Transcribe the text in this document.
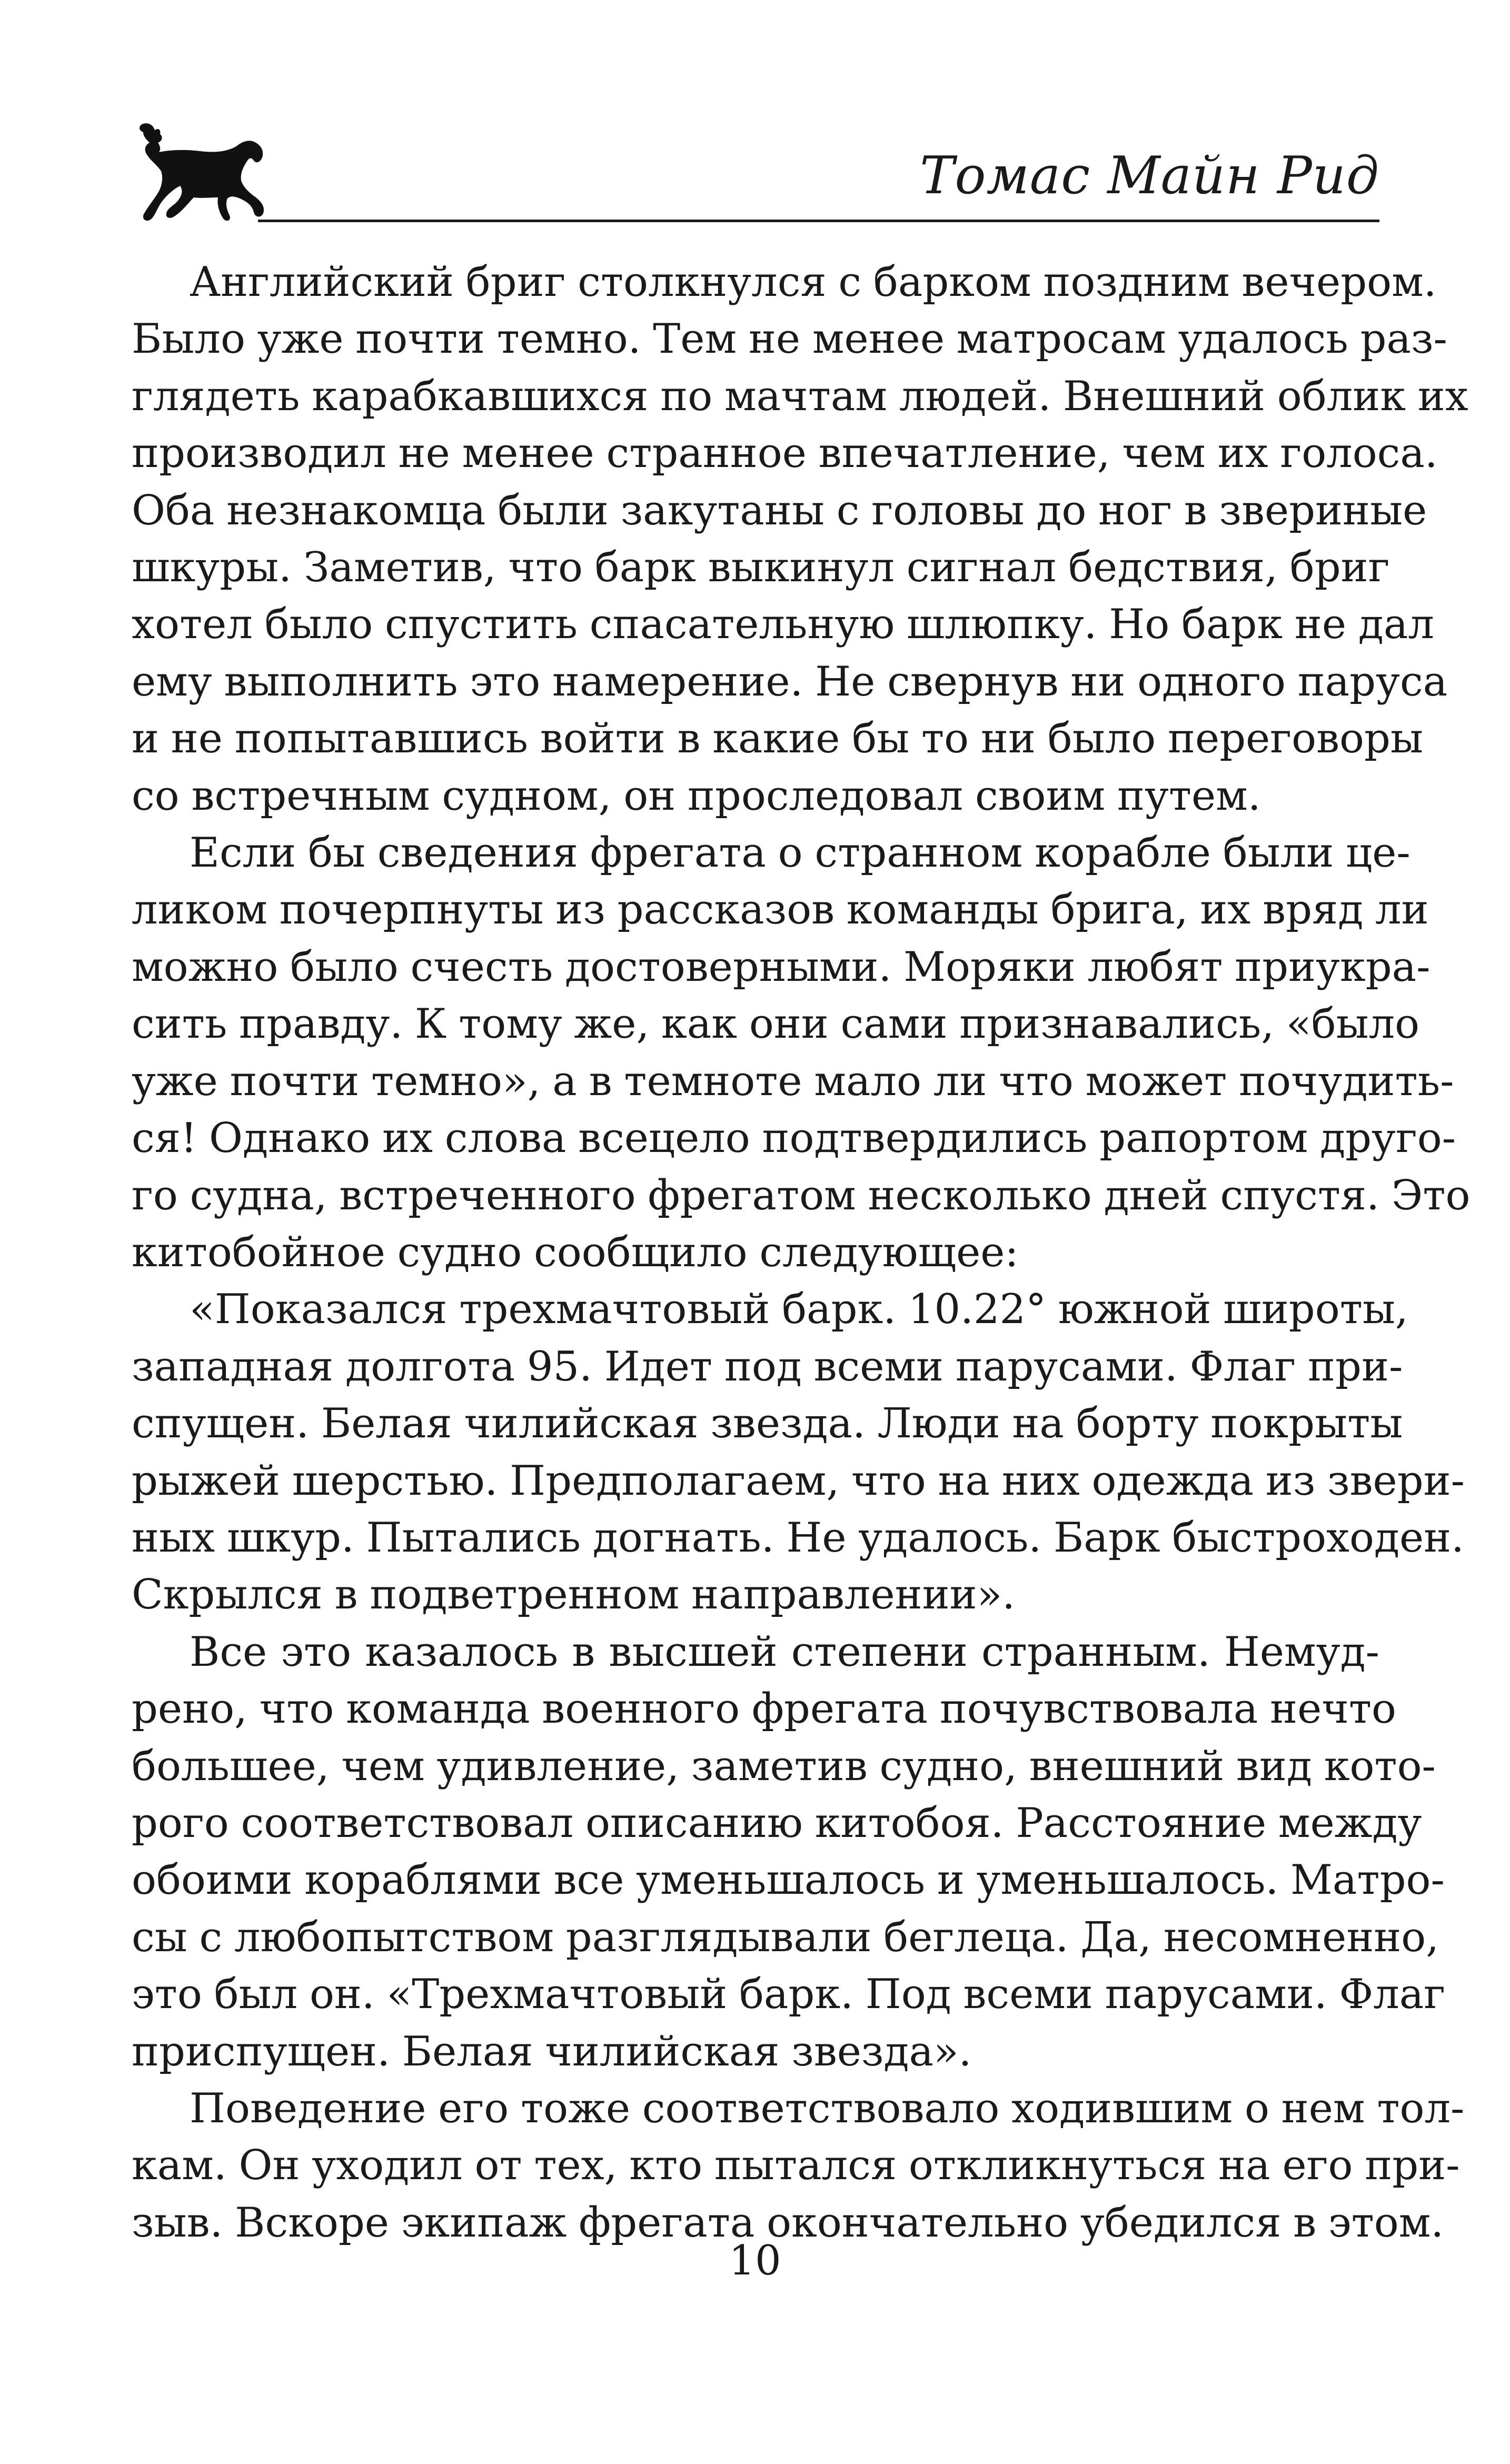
Томас Майн Рид

Английский бриг столкнулся с барком поздним вечером.
Было уже почти темно. Тем не менее матросам удалось раз-
глядеть карабкавшихся по мачтам людей. Внешний облик их
производил не менее странное впечатление, чем их голоса.
Оба незнакомца были закутаны с головы до ног в звериные
шкуры. Заметив, что барк выкинул сигнал бедствия, бриг
хотел было спустить спасательную шлюпку. Но барк не дал
ему выполнить это намерение. Не свернув ни одного паруса
и не попытавшись войти в какие бы то ни было переговоры
со встречным судном, он проследовал своим путем.

Если бы сведения фрегата о странном корабле были це-
ликом почерпнуты из рассказов команды брига, их вряд ли
можно было счесть достоверными. Моряки любят приукра-
сить правду. К тому же, как они сами признавались, «было
уже почти темно», а в темноте мало ли что может почудить-
ся! Однако их слова всецело подтвердились рапортом друго-
го судна, встреченного фрегатом несколько дней спустя. Это
китобойное судно сообщило следующее:

«Показался трехмачтовый барк. 10.22° южной широты,
западная долгота 95. Идет под всеми парусами. Флаг при-
спущен. Белая чилийская звезда. Люди на борту покрыты
рыжей шерстью. Предполагаем, что на них одежда из звери-
ных шкур. Пытались догнать. Не удалось. Барк быстроходен.
Скрылся в подветренном направлении».

Все это казалось в высшей степени странным. Немуд-
рено, что команда военного фрегата почувствовала нечто
большее, чем удивление, заметив судно, внешний вид кото-
рого соответствовал описанию китобоя. Расстояние между
обоими кораблями все уменьшалось и уменьшалось. Матро-
сы с любопытством разглядывали беглеца. Да, несомненно,
это был он. «Трехмачтовый барк. Под всеми парусами. Флаг
приспущен. Белая чилийская звезда».

Поведение его тоже соответствовало ходившим о нем тол-
кам. Он уходил от тех, кто пытался откликнуться на его при-
зыв. Вскоре экипаж фрегата окончательно убедился в этом.

10
